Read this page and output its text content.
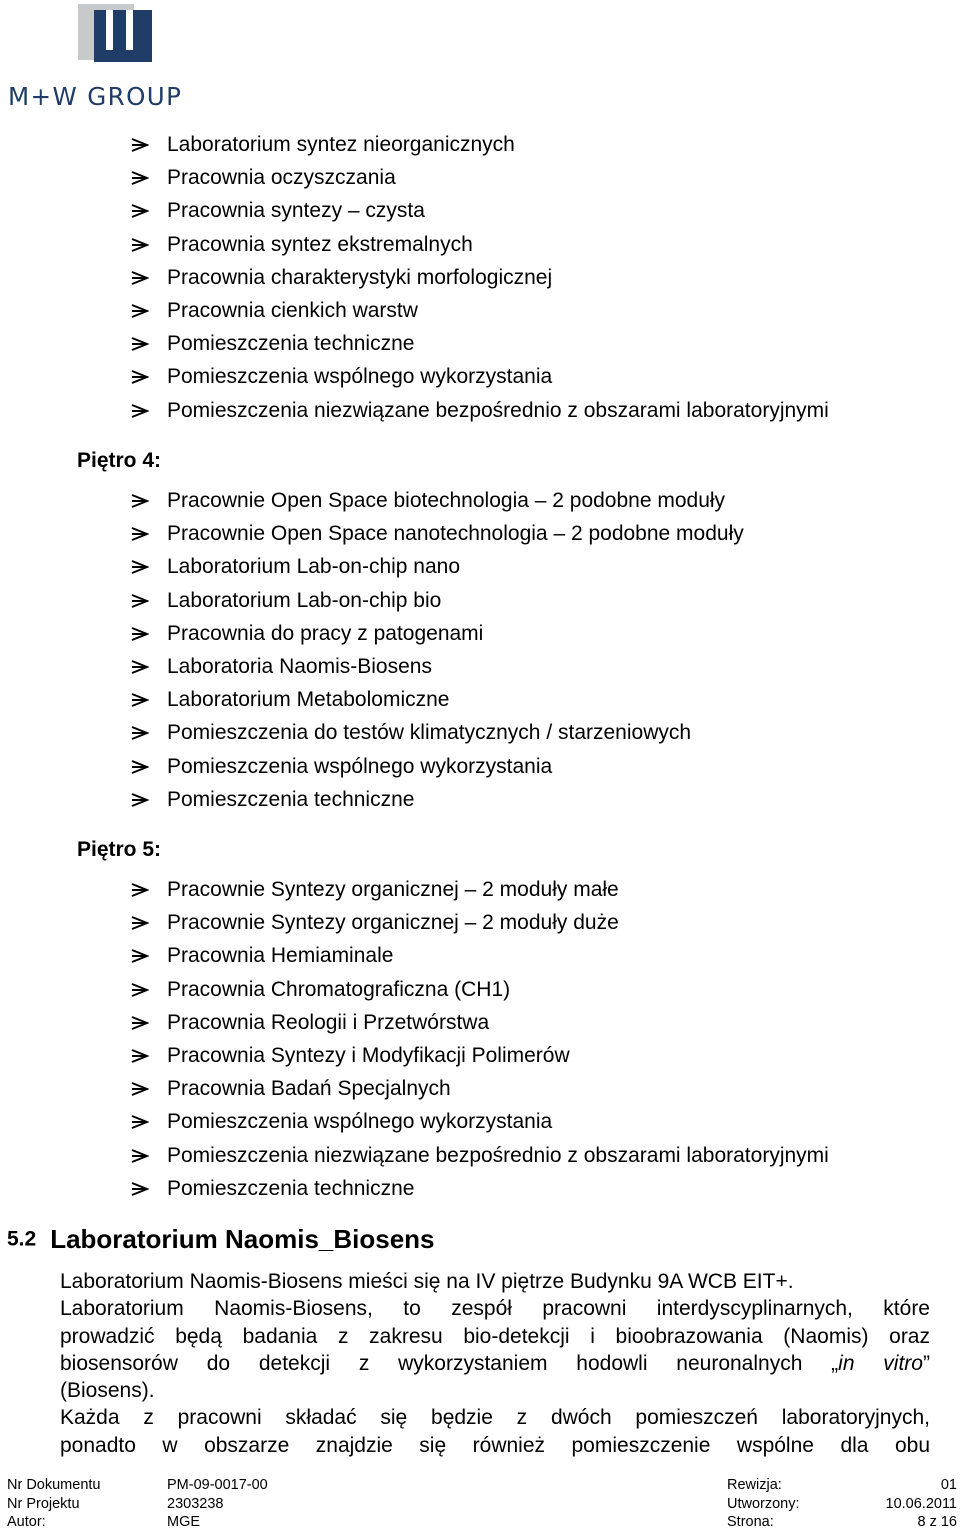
M+W GROUP
Laboratorium syntez nieorganicznych
Pracownia oczyszczania
Pracownia syntezy – czysta
Pracownia syntez ekstremalnych
Pracownia charakterystyki morfologicznej
Pracownia cienkich warstw
Pomieszczenia techniczne
Pomieszczenia wspólnego wykorzystania
Pomieszczenia niezwiązane bezpośrednio z obszarami laboratoryjnymi
Piętro 4:
Pracownie Open Space biotechnologia – 2 podobne moduły
Pracownie Open Space nanotechnologia – 2 podobne moduły
Laboratorium Lab-on-chip nano
Laboratorium Lab-on-chip bio
Pracownia do pracy z patogenami
Laboratoria Naomis-Biosens
Laboratorium Metabolomiczne
Pomieszczenia do testów klimatycznych / starzeniowych
Pomieszczenia wspólnego wykorzystania
Pomieszczenia techniczne
Piętro 5:
Pracownie Syntezy organicznej – 2 moduły małe
Pracownie Syntezy organicznej – 2 moduły duże
Pracownia Hemiaminale
Pracownia Chromatograficzna (CH1)
Pracownia Reologii i Przetwórstwa
Pracownia Syntezy i Modyfikacji Polimerów
Pracownia Badań Specjalnych
Pomieszczenia wspólnego wykorzystania
Pomieszczenia niezwiązane bezpośrednio z obszarami laboratoryjnymi
Pomieszczenia techniczne
5.2 Laboratorium Naomis_Biosens

Laboratorium Naomis-Biosens mieści się na IV piętrze Budynku 9A WCB EIT+.

Laboratorium Naomis-Biosens, to zespół pracowni interdyscyplinarnych, które

prowadzić będą badania z zakresu bio-detekcji i bioobrazowania (Naomis) oraz

biosensorów do detekcji z wykorzystaniem hodowli neuronalnych „in vitro”

(Biosens).

Każda z pracowni składać się będzie z dwóch pomieszczeń laboratoryjnych,

ponadto w obszarze znajdzie się również pomieszczenie wspólne dla obu

Nr Dokumentu	PM-09-0017-00	Rewizja:	01
Nr Projektu	2303238	Utworzony:	10.06.2011
Autor:	MGE	Strona:	8 z 16
